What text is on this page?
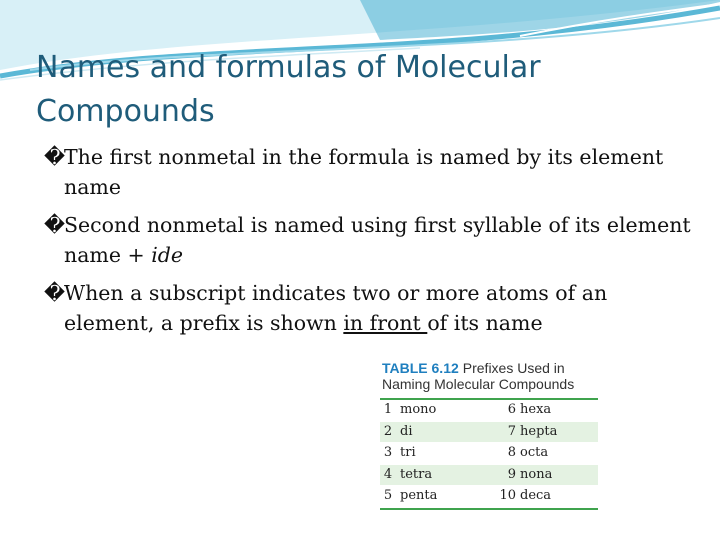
Names and formulas of Molecular Compounds
�
The first nonmetal in the formula is named by its element name
�
Second nonmetal is named using first syllable of its element name + ide
�
When a subscript indicates two or more atoms of an element, a prefix is shown in front of its name
TABLE 6.12 Prefixes Used in
Naming Molecular Compounds
1 mono	6 hexa
2 di	7 hepta
3 tri	8 octa
4 tetra	9 nona
5 penta	10 deca
